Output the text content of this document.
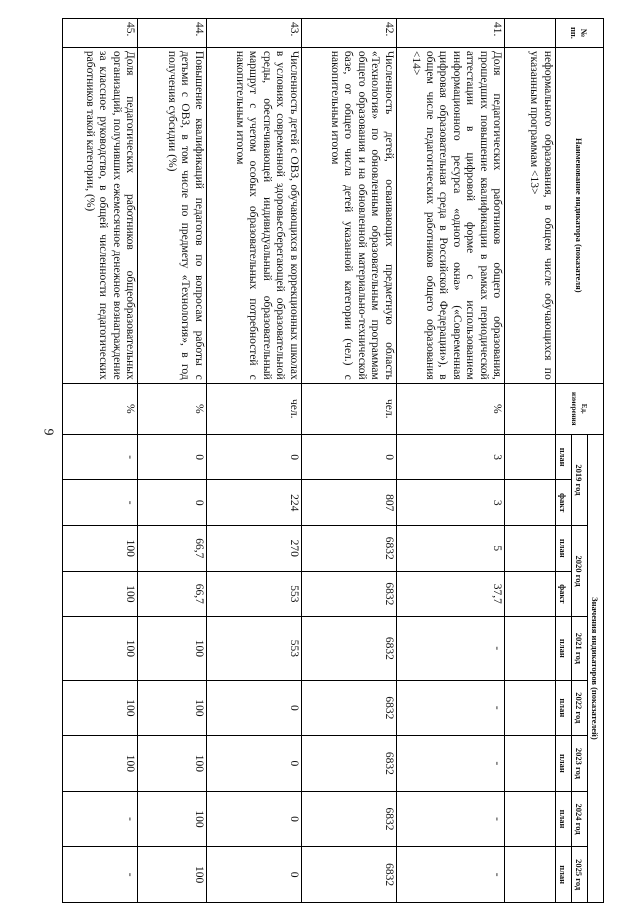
9
№ пп.	Наименование индикатора (показателя)	Ед. измерения	Значения индикаторов (показателей)								
			2019 год		2020 год		2021 год	2022 год	2023 год	2024 год	2025 год
			план	факт	план	факт	план	план	план	план	план
	неформального образования, в общем числе обучающихся по указанным программам <13>										
41.	Доля педагогических работников общего образования, прошедших повышение квалификации в рамках периодической аттестации в цифровой форме с использованием информационного ресурса «одного окна» («Современная цифровая образовательная среда в Российской Федерации»), в общем числе педагогических работников общего образования <14>	%	3	3	5	37,7	-	-	-	-	-
42.	Численность детей, осваивающих предметную область «Технология» по обновленным образовательным программам общего образования и на обновленной материально-технической базе, от общего числа детей указанной категории (чел.) с накопительным итогом	чел.	0	807	6832	6832	6832	6832	6832	6832	6832
43.	Численность детей с ОВЗ, обучающихся в коррекционных школах в условиях современной здоровьесберегающей образовательной среды, обеспечивающей индивидуальный образовательный маршрут с учетом особых образовательных потребностей с накопительным итогом	чел.	0	224	270	553	553	0	0	0	0
44.	Повышение квалификаций педагогов по вопросам работы с детьми с ОВЗ, в том числе по предмету «Технология», в год получения субсидии (%)	%	0	0	66,7	66,7	100	100	100	100	100
45.	Доля педагогических работников общеобразовательных организаций, получивших ежемесячное денежное вознаграждение за классное руководство, в общей численности педагогических работников такой категории, (%)	%	-	-	100	100	100	100	100	-	-
